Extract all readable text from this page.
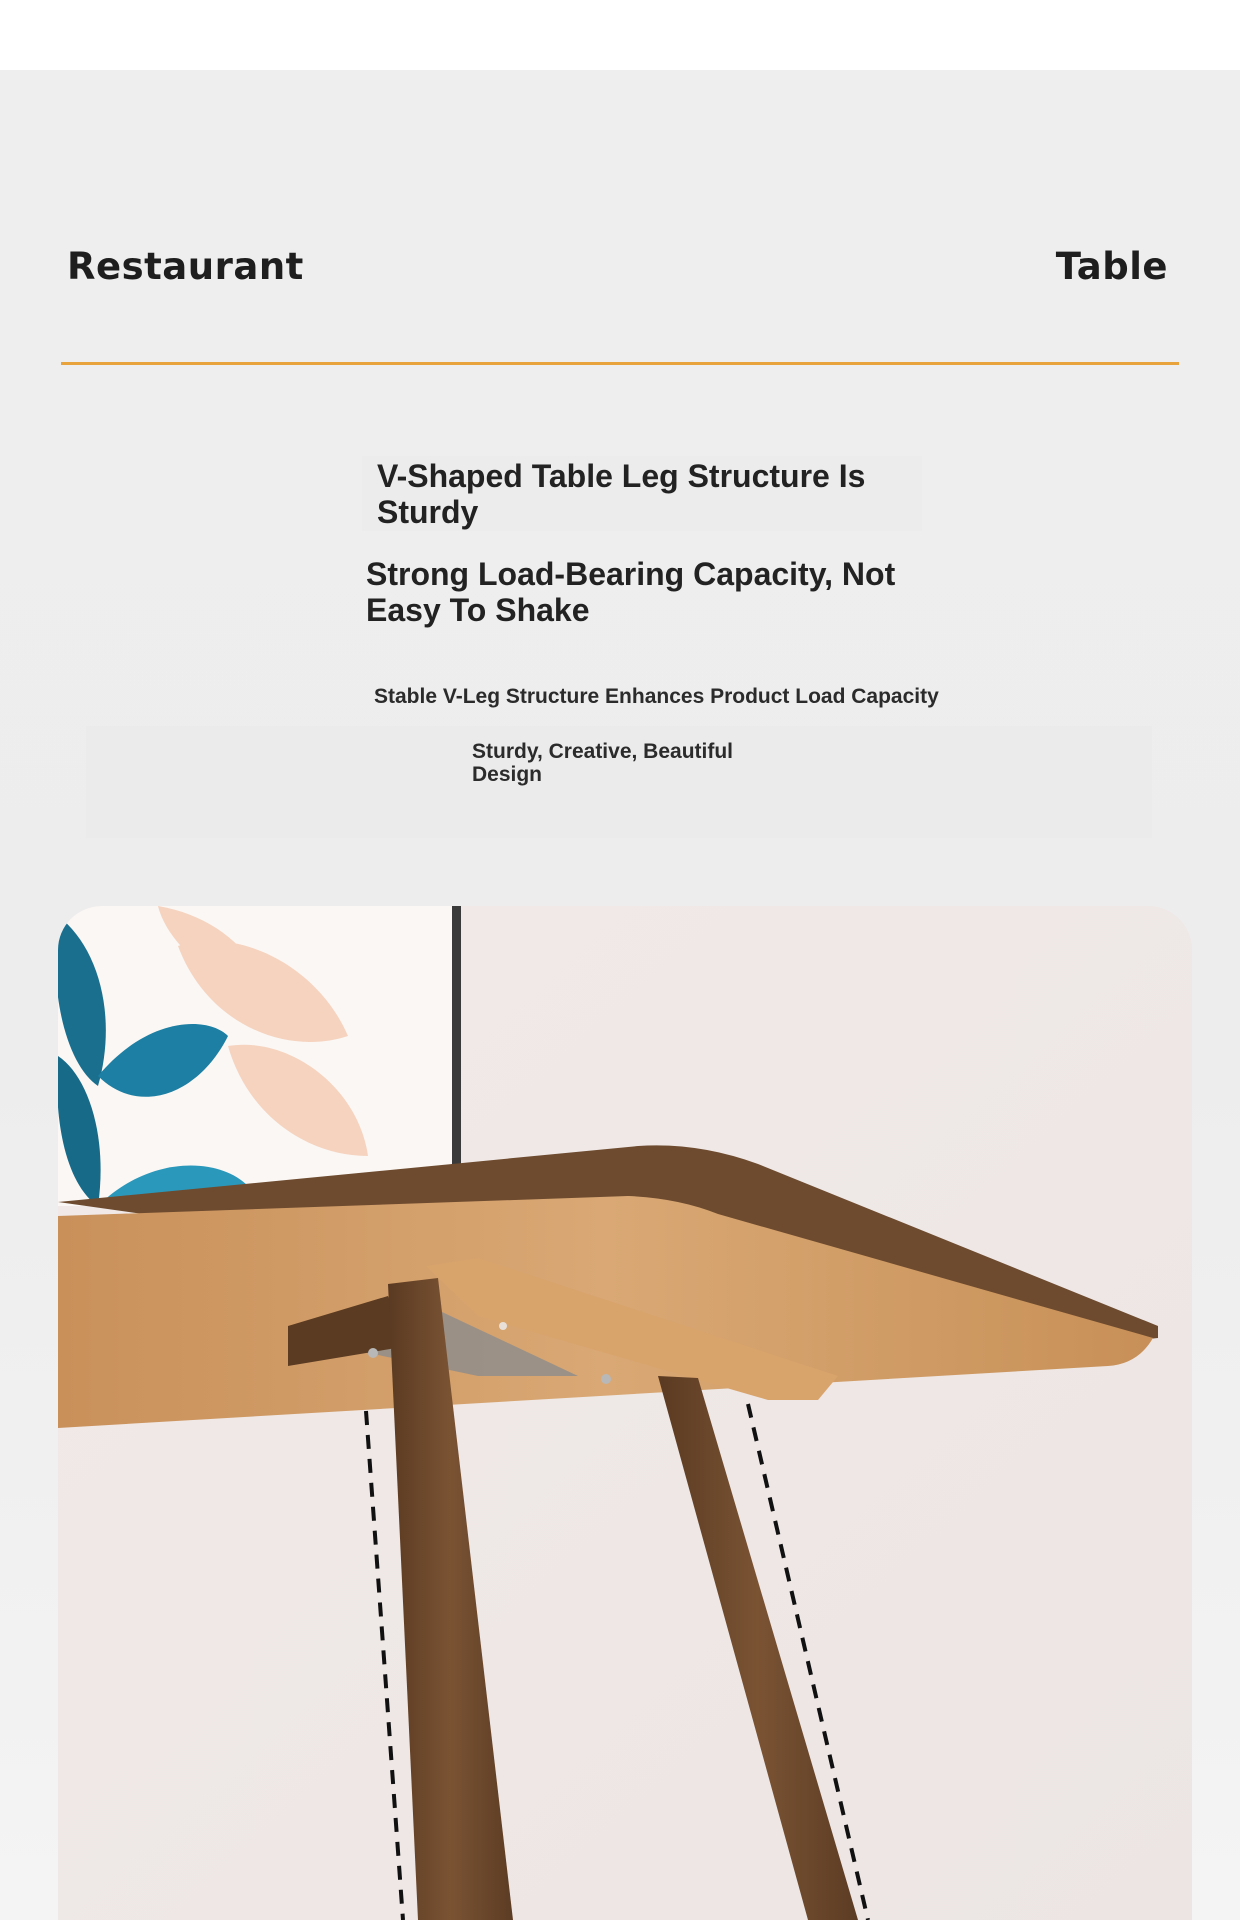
Restaurant	Table
V-Shaped Table Leg Structure Is Sturdy
Strong Load-Bearing Capacity, Not Easy To Shake

Stable V-Leg Structure Enhances Product Load Capacity

Sturdy, Creative, Beautiful Design
